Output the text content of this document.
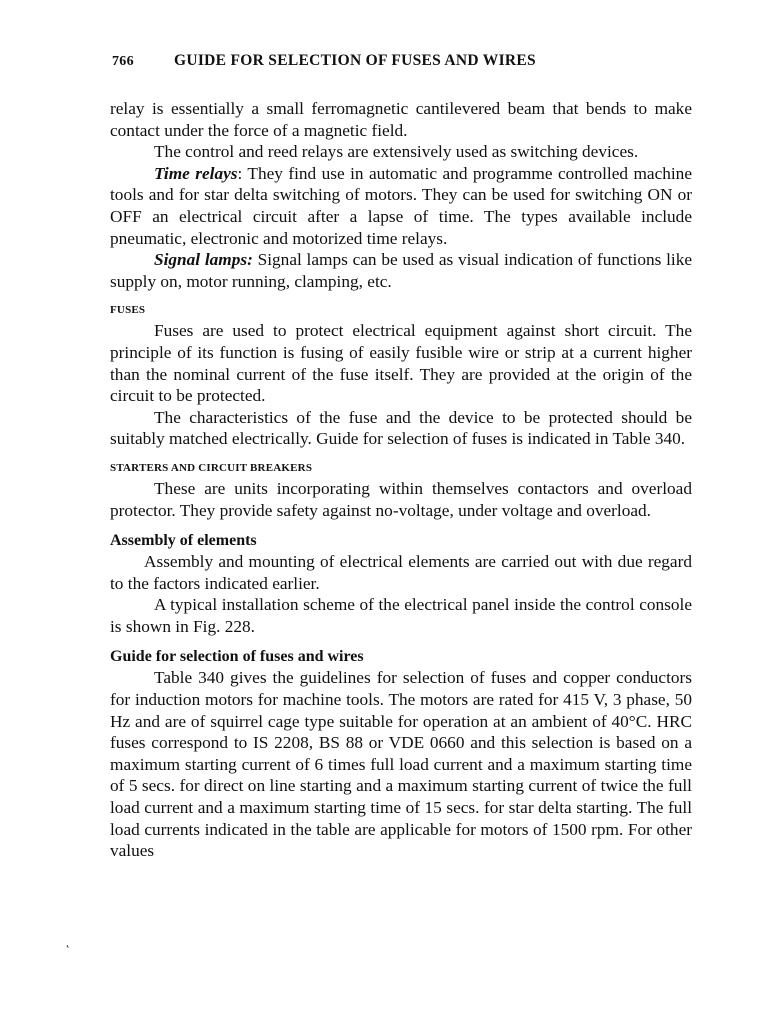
766	GUIDE FOR SELECTION OF FUSES AND WIRES

relay is essentially a small ferromagnetic cantilevered beam that bends to make contact under the force of a magnetic field.

The control and reed relays are extensively used as switching devices.

Time relays: They find use in automatic and programme controlled machine tools and for star delta switching of motors. They can be used for switching ON or OFF an electrical circuit after a lapse of time. The types available include pneumatic, electronic and motorized time relays.

Signal lamps: Signal lamps can be used as visual indication of functions like supply on, motor running, clamping, etc.

FUSES

Fuses are used to protect electrical equipment against short circuit. The principle of its function is fusing of easily fusible wire or strip at a current higher than the nominal current of the fuse itself. They are provided at the origin of the circuit to be protected.

The characteristics of the fuse and the device to be protected should be suitably matched electrically. Guide for selection of fuses is indicated in Table 340.

STARTERS AND CIRCUIT BREAKERS

These are units incorporating within themselves contactors and overload protector. They provide safety against no-voltage, under voltage and overload.

Assembly of elements

Assembly and mounting of electrical elements are carried out with due regard to the factors indicated earlier.

A typical installation scheme of the electrical panel inside the control console is shown in Fig. 228.

Guide for selection of fuses and wires

Table 340 gives the guidelines for selection of fuses and copper conductors for induction motors for machine tools. The motors are rated for 415 V, 3 phase, 50 Hz and are of squirrel cage type suitable for operation at an ambient of 40°C. HRC fuses correspond to IS 2208, BS 88 or VDE 0660 and this selection is based on a maximum starting current of 6 times full load current and a maximum starting time of 5 secs. for direct on line starting and a maximum starting current of twice the full load current and a maximum starting time of 15 secs. for star delta starting. The full load currents indicated in the table are applicable for motors of 1500 rpm. For other values

˛
